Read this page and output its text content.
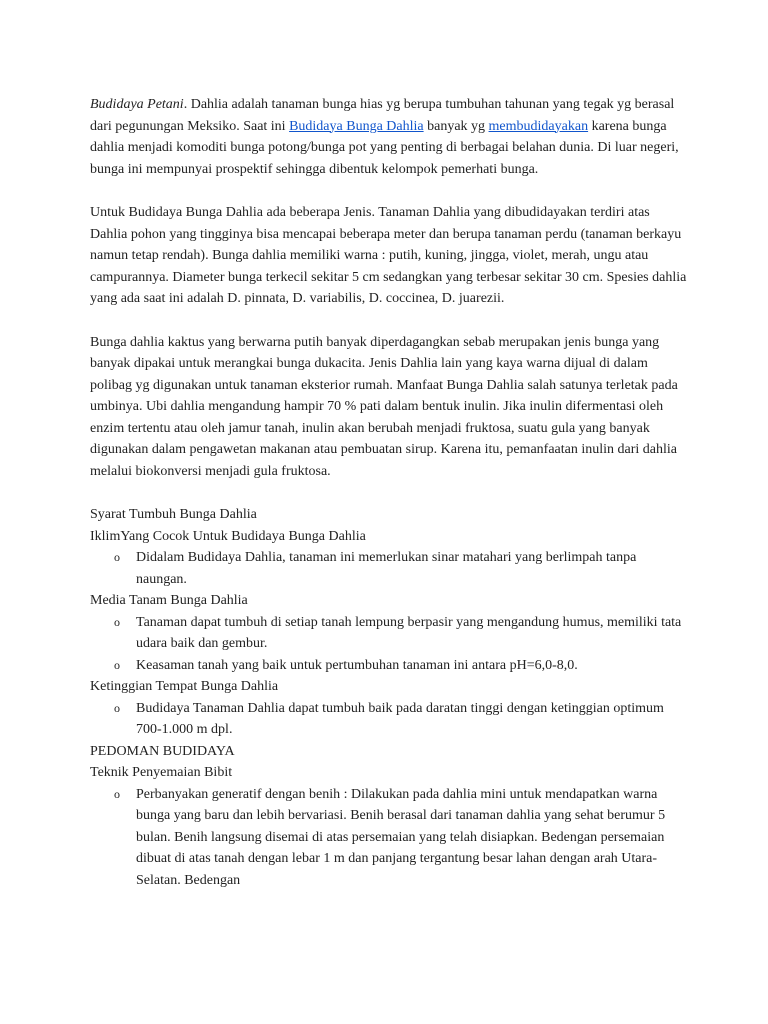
Budidaya Petani. Dahlia adalah tanaman bunga hias yg berupa tumbuhan tahunan yang tegak yg berasal dari pegunungan Meksiko. Saat ini Budidaya Bunga Dahlia banyak yg membudidayakan karena bunga dahlia menjadi komoditi bunga potong/bunga pot yang penting di berbagai belahan dunia. Di luar negeri, bunga ini mempunyai prospektif sehingga dibentuk kelompok pemerhati bunga.

Untuk Budidaya Bunga Dahlia ada beberapa Jenis. Tanaman Dahlia yang dibudidayakan terdiri atas Dahlia pohon yang tingginya bisa mencapai beberapa meter dan berupa tanaman perdu (tanaman berkayu namun tetap rendah). Bunga dahlia memiliki warna : putih, kuning, jingga, violet, merah, ungu atau campurannya. Diameter bunga terkecil sekitar 5 cm sedangkan yang terbesar sekitar 30 cm. Spesies dahlia yang ada saat ini adalah D. pinnata, D. variabilis, D. coccinea, D. juarezii.

Bunga dahlia kaktus yang berwarna putih banyak diperdagangkan sebab merupakan jenis bunga yang banyak dipakai untuk merangkai bunga dukacita. Jenis Dahlia lain yang kaya warna dijual di dalam polibag yg digunakan untuk tanaman eksterior rumah. Manfaat Bunga Dahlia salah satunya terletak pada umbinya. Ubi dahlia mengandung hampir 70 % pati dalam bentuk inulin. Jika inulin difermentasi oleh enzim tertentu atau oleh jamur tanah, inulin akan berubah menjadi fruktosa, suatu gula yang banyak digunakan dalam pengawetan makanan atau pembuatan sirup. Karena itu, pemanfaatan inulin dari dahlia melalui biokonversi menjadi gula fruktosa.

Syarat Tumbuh Bunga Dahlia
IklimYang Cocok Untuk Budidaya Bunga Dahlia
o Didalam Budidaya Dahlia, tanaman ini memerlukan sinar matahari yang berlimpah tanpa naungan.
Media Tanam Bunga Dahlia
o Tanaman dapat tumbuh di setiap tanah lempung berpasir yang mengandung humus, memiliki tata udara baik dan gembur.
o Keasaman tanah yang baik untuk pertumbuhan tanaman ini antara pH=6,0-8,0.
Ketinggian Tempat Bunga Dahlia
o Budidaya Tanaman Dahlia dapat tumbuh baik pada daratan tinggi dengan ketinggian optimum 700-1.000 m dpl.
PEDOMAN BUDIDAYA
Teknik Penyemaian Bibit
o Perbanyakan generatif dengan benih : Dilakukan pada dahlia mini untuk mendapatkan warna bunga yang baru dan lebih bervariasi. Benih berasal dari tanaman dahlia yang sehat berumur 5 bulan. Benih langsung disemai di atas persemaian yang telah disiapkan. Bedengan persemaian dibuat di atas tanah dengan lebar 1 m dan panjang tergantung besar lahan dengan arah Utara-Selatan. Bedengan
